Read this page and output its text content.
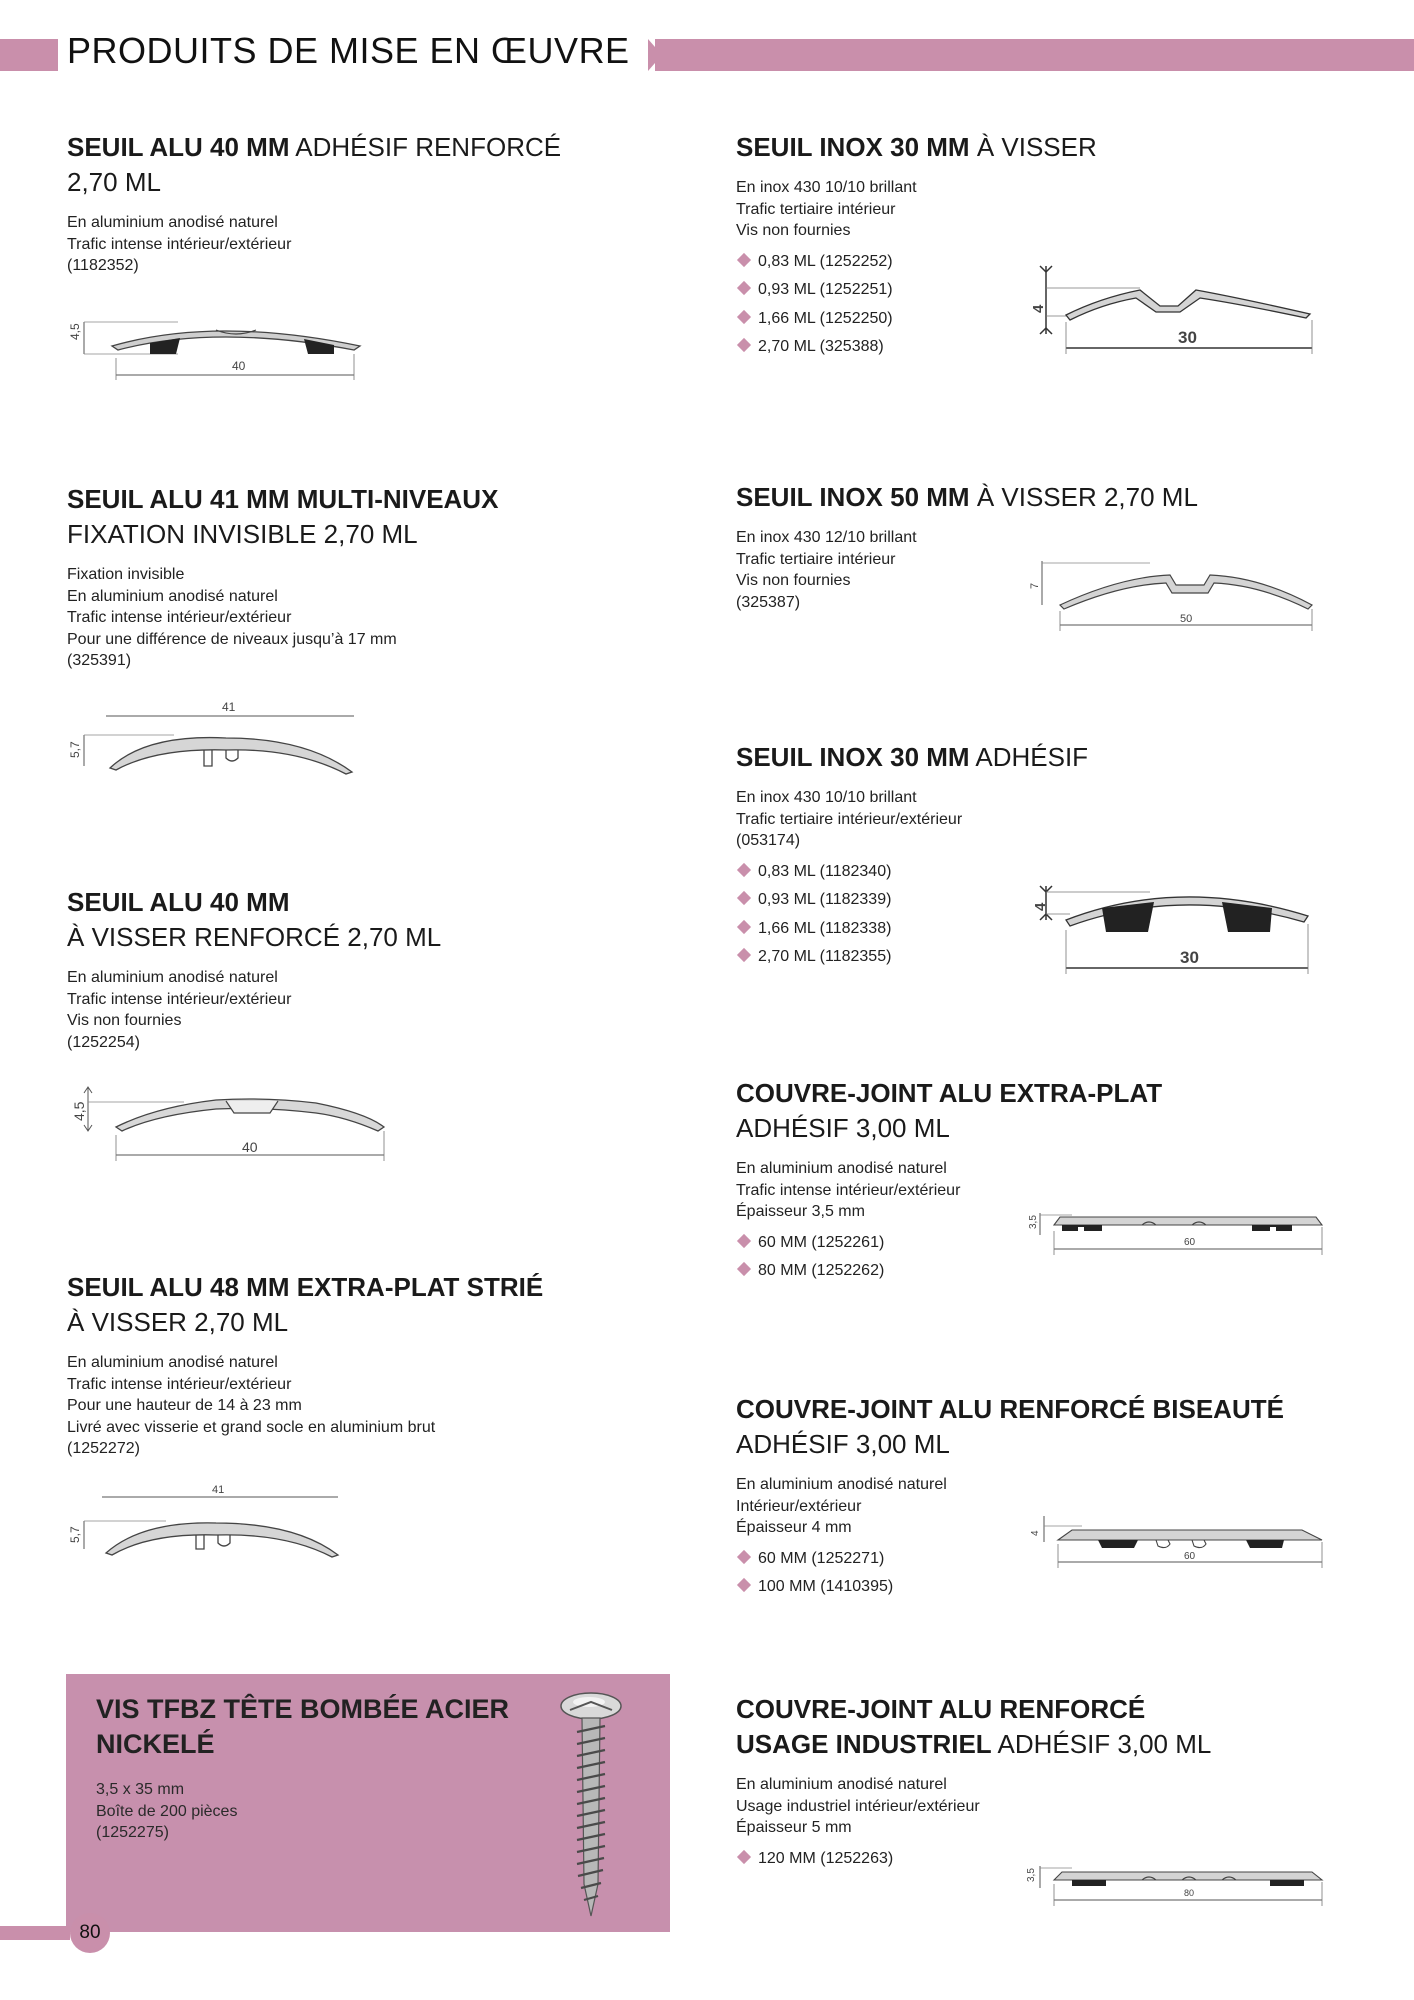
PRODUITS DE MISE EN ŒUVRE
SEUIL ALU 40 MM ADHÉSIF RENFORCÉ
2,70 ML
En aluminium anodisé naturel
Trafic intense intérieur/extérieur
(1182352)
4,5
40
SEUIL ALU 41 MM MULTI-NIVEAUX
FIXATION INVISIBLE 2,70 ML
Fixation invisible
En aluminium anodisé naturel
Trafic intense intérieur/extérieur
Pour une différence de niveaux jusqu’à 17 mm
(325391)
41
5,7
SEUIL ALU 40 MM
À VISSER RENFORCÉ 2,70 ML
En aluminium anodisé naturel
Trafic intense intérieur/extérieur
Vis non fournies
(1252254)
4,5
40
SEUIL ALU 48 MM EXTRA-PLAT STRIÉ
À VISSER 2,70 ML
En aluminium anodisé naturel
Trafic intense intérieur/extérieur
Pour une hauteur de 14 à 23 mm
Livré avec visserie et grand socle en aluminium brut
(1252272)
41
5,7
SEUIL INOX 30 MM À VISSER
En inox 430 10/10 brillant
Trafic tertiaire intérieur
Vis non fournies
0,83 ML (1252252)
0,93 ML (1252251)
1,66 ML (1252250)
2,70 ML (325388)
4
30
SEUIL INOX 50 MM À VISSER 2,70 ML
En inox 430 12/10 brillant
Trafic tertiaire intérieur
Vis non fournies
(325387)
7
50
SEUIL INOX 30 MM ADHÉSIF
En inox 430 10/10 brillant
Trafic tertiaire intérieur/extérieur
(053174)
0,83 ML (1182340)
0,93 ML (1182339)
1,66 ML (1182338)
2,70 ML (1182355)
4
30
COUVRE-JOINT ALU EXTRA-PLAT
ADHÉSIF 3,00 ML
En aluminium anodisé naturel
Trafic intense intérieur/extérieur
Épaisseur 3,5 mm
60 MM (1252261)
80 MM (1252262)
3,5
60
COUVRE-JOINT ALU RENFORCÉ BISEAUTÉ
ADHÉSIF 3,00 ML
En aluminium anodisé naturel
Intérieur/extérieur
Épaisseur 4 mm
60 MM (1252271)
100 MM (1410395)
4
60
COUVRE-JOINT ALU RENFORCÉ
USAGE INDUSTRIEL ADHÉSIF 3,00 ML
En aluminium anodisé naturel
Usage industriel intérieur/extérieur
Épaisseur 5 mm
120 MM (1252263)
3,5
80
VIS TFBZ TÊTE BOMBÉE ACIER
NICKELÉ
3,5 x 35 mm
Boîte de 200 pièces
(1252275)
80
